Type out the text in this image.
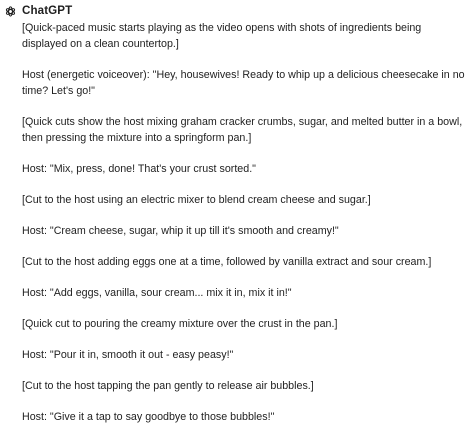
ChatGPT

[Quick-paced music starts playing as the video opens with shots of ingredients being displayed on a clean countertop.]

Host (energetic voiceover): "Hey, housewives! Ready to whip up a delicious cheesecake in no time? Let's go!"

[Quick cuts show the host mixing graham cracker crumbs, sugar, and melted butter in a bowl, then pressing the mixture into a springform pan.]

Host: "Mix, press, done! That's your crust sorted."

[Cut to the host using an electric mixer to blend cream cheese and sugar.]

Host: "Cream cheese, sugar, whip it up till it's smooth and creamy!"

[Cut to the host adding eggs one at a time, followed by vanilla extract and sour cream.]

Host: "Add eggs, vanilla, sour cream... mix it in, mix it in!"

[Quick cut to pouring the creamy mixture over the crust in the pan.]

Host: "Pour it in, smooth it out - easy peasy!"

[Cut to the host tapping the pan gently to release air bubbles.]

Host: "Give it a tap to say goodbye to those bubbles!"
